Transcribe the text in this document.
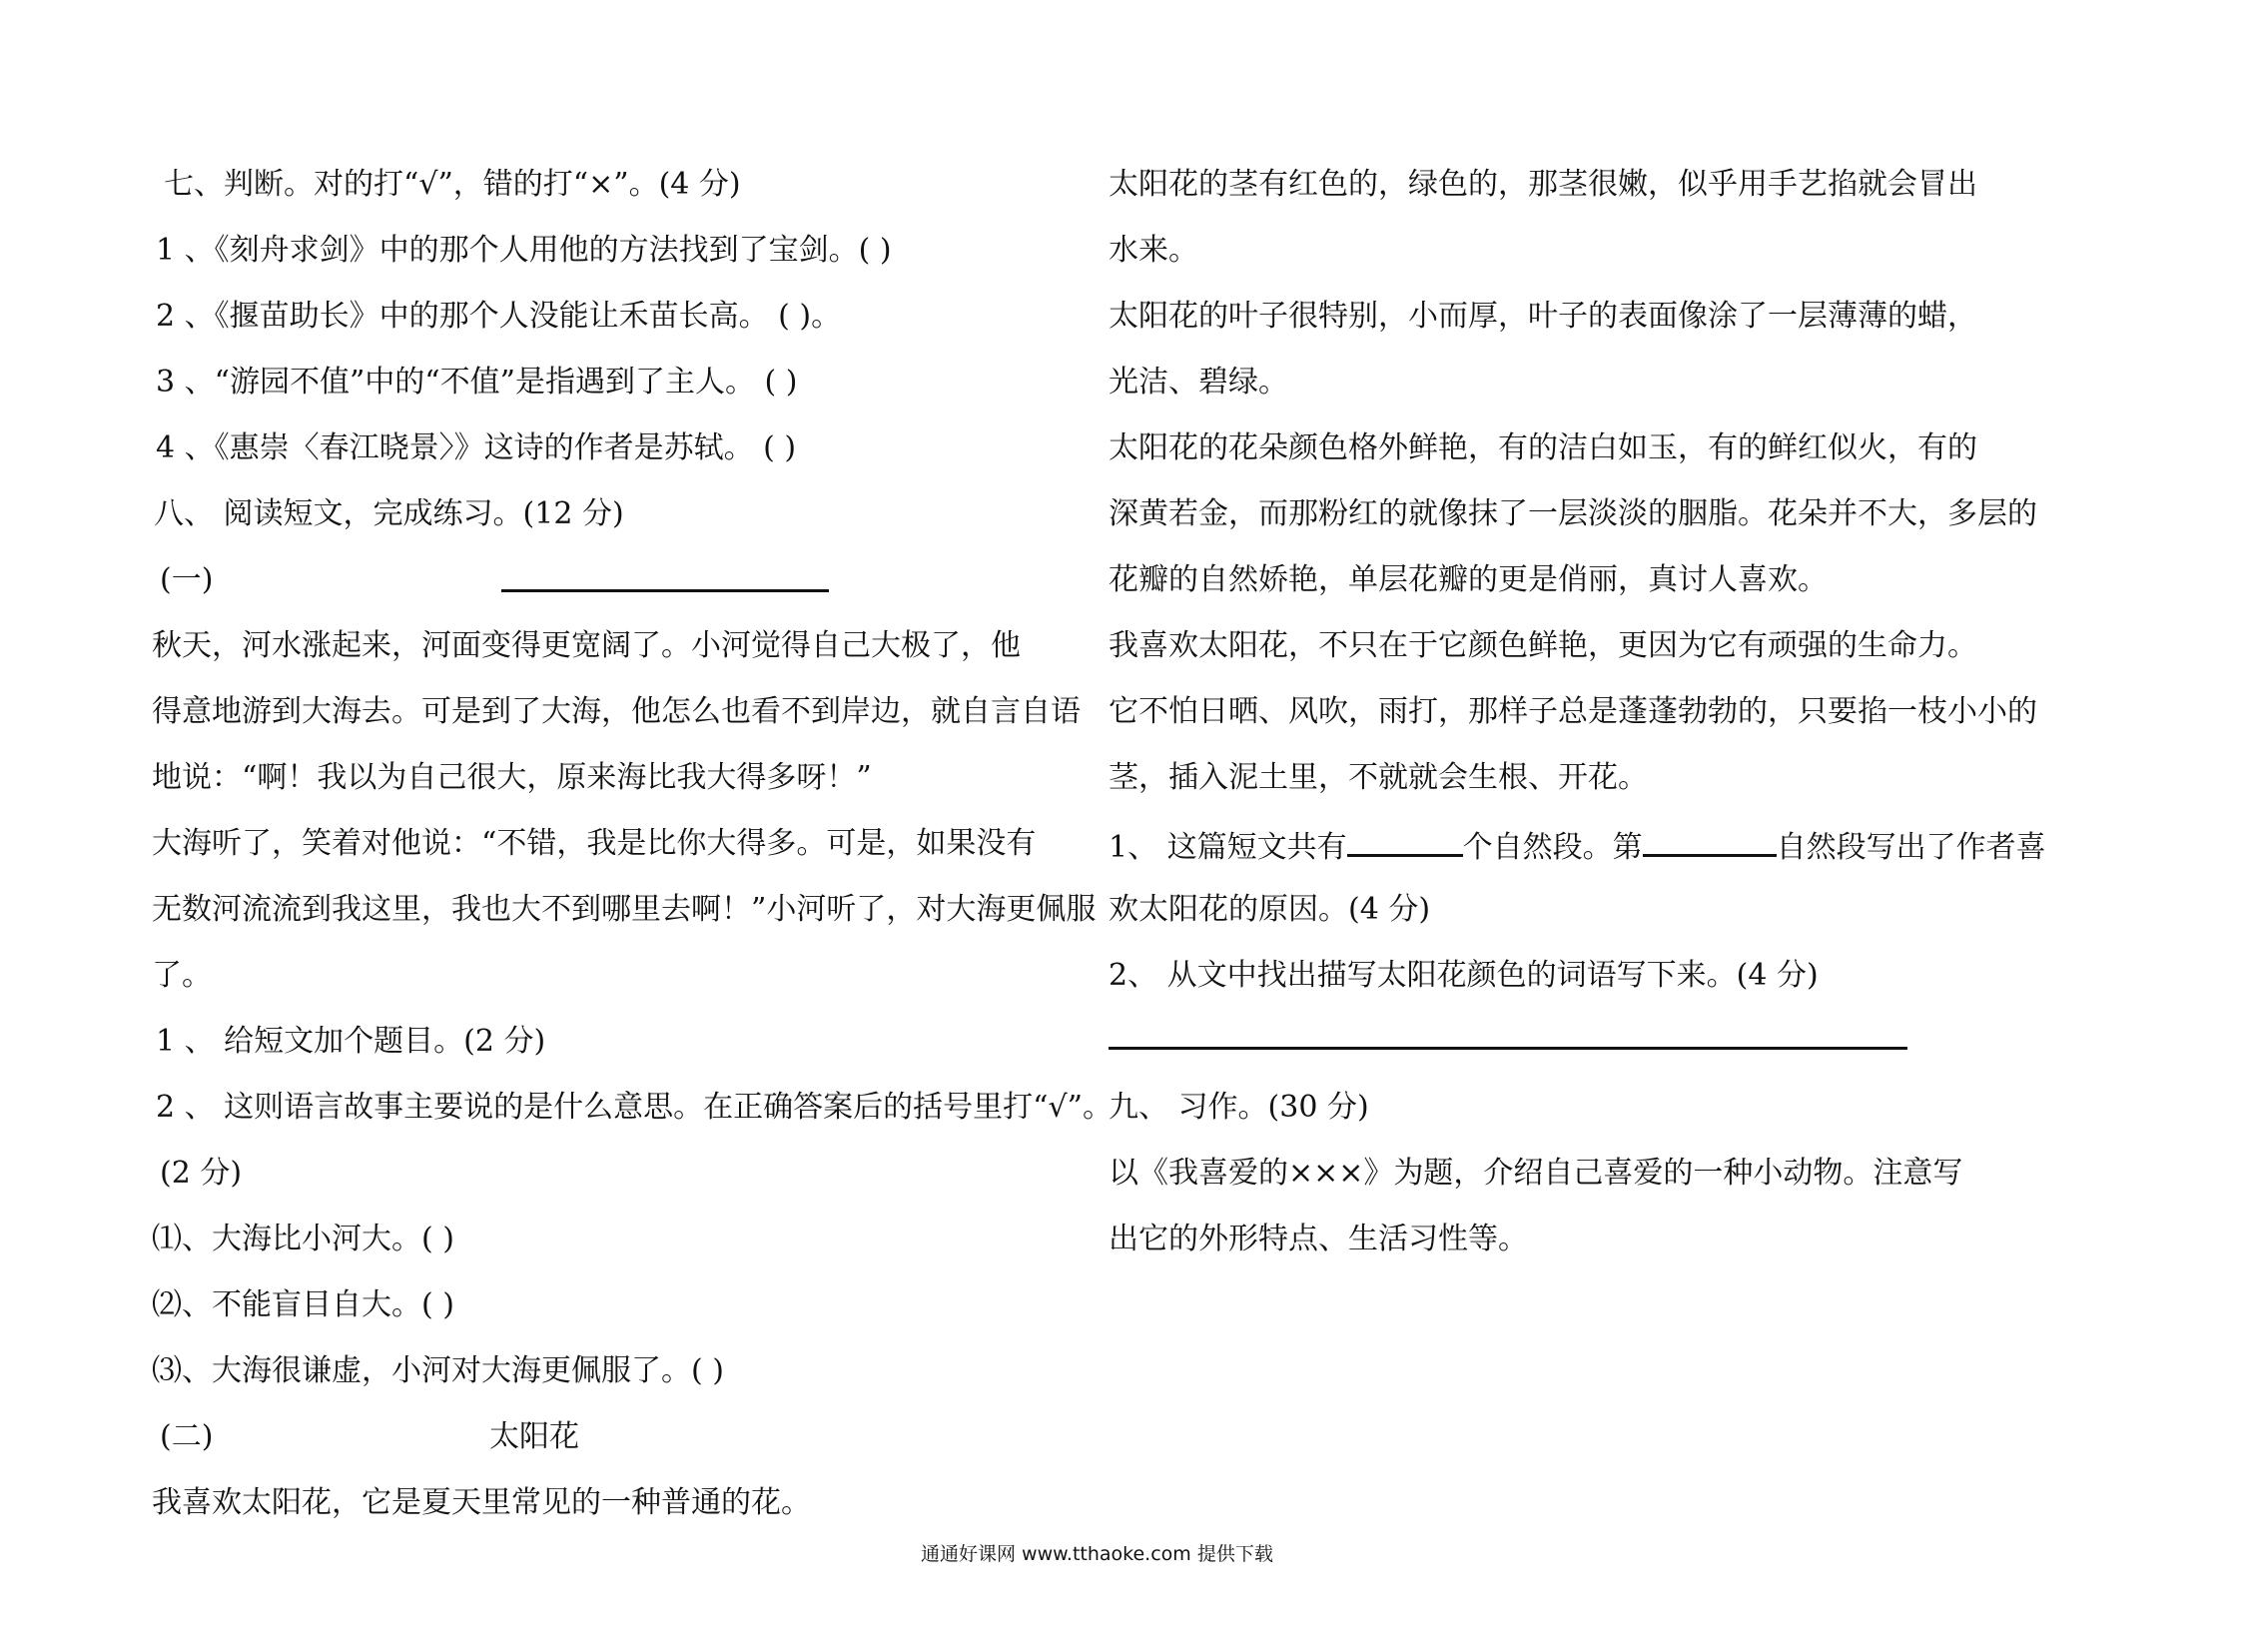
七、判断。对的打“√”，错的打“×”。(4 分)
1 、《刻舟求剑》中的那个人用他的方法找到了宝剑。( )
2 、《揠苗助长》中的那个人没能让禾苗长高。 ( )。
3 、“游园不值”中的“不值”是指遇到了主人。 ( )
4 、《惠崇〈春江晓景〉》这诗的作者是苏轼。 ( )
八、 阅读短文，完成练习。(12 分)
(一)
秋天，河水涨起来，河面变得更宽阔了。小河觉得自己大极了，他
得意地游到大海去。可是到了大海，他怎么也看不到岸边，就自言自语
地说：“啊！我以为自己很大，原来海比我大得多呀！”
大海听了，笑着对他说：“不错，我是比你大得多。可是，如果没有
无数河流流到我这里，我也大不到哪里去啊！”小河听了，对大海更佩服
了。
1 、 给短文加个题目。(2 分)
2 、 这则语言故事主要说的是什么意思。在正确答案后的括号里打“√”。
(2 分)
⑴、大海比小河大。( )
⑵、不能盲目自大。( )
⑶、大海很谦虚，小河对大海更佩服了。( )
(二)	太阳花
我喜欢太阳花，它是夏天里常见的一种普通的花。
太阳花的茎有红色的，绿色的，那茎很嫩，似乎用手艺掐就会冒出
水来。
太阳花的叶子很特别，小而厚，叶子的表面像涂了一层薄薄的蜡，
光洁、碧绿。
太阳花的花朵颜色格外鲜艳，有的洁白如玉，有的鲜红似火，有的
深黄若金，而那粉红的就像抹了一层淡淡的胭脂。花朵并不大，多层的
花瓣的自然娇艳，单层花瓣的更是俏丽，真讨人喜欢。
我喜欢太阳花，不只在于它颜色鲜艳，更因为它有顽强的生命力。
它不怕日晒、风吹，雨打，那样子总是蓬蓬勃勃的，只要掐一枝小小的
茎，插入泥土里，不就就会生根、开花。
1、 这篇短文共有	个自然段。第	自然段写出了作者喜
欢太阳花的原因。(4 分)
2、 从文中找出描写太阳花颜色的词语写下来。(4 分)
九、 习作。(30 分)
以《我喜爱的×××》为题，介绍自己喜爱的一种小动物。注意写
出它的外形特点、生活习性等。
通通好课网 www.tthaoke.com 提供下载
